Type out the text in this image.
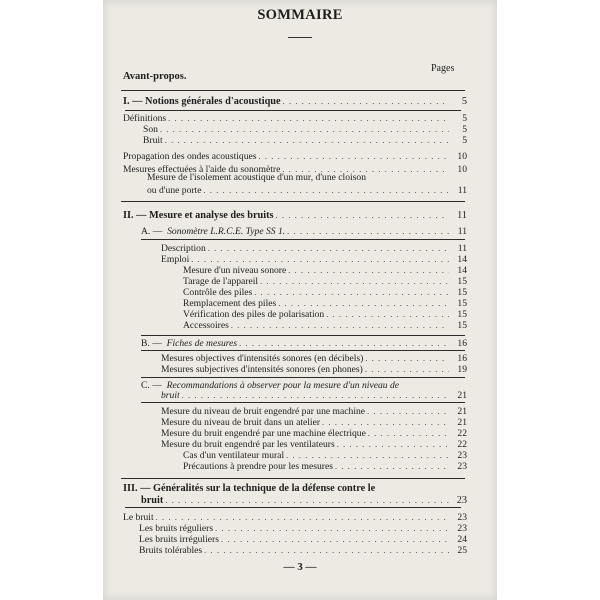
SOMMAIRE
Pages
Avant-propos.
I. — Notions générales d'acoustique . . .	5
Définitions . . .	5
Son . . .	5
Bruit . . .	5
Propagation des ondes acoustiques . . .	10
Mesures effectuées à l'aide du sonomètre . . .	10
Mesure de l'isolement acoustique d'un mur, d'une cloison
ou d'une porte . . .	11
II. — Mesure et analyse des bruits . . .	11
A. — Sonomètre L.R.C.E. Type SS 1. . . .	11
Description . . .	11
Emploi . . .	14
Mesure d'un niveau sonore . . .	14
Tarage de l'appareil . . .	15
Contrôle des piles . . .	15
Remplacement des piles . . .	15
Vérification des piles de polarisation . . .	15
Accessoires . . .	15
B. — Fiches de mesures . . .	16
Mesures objectives d'intensités sonores (en décibels) . . .	16
Mesures subjectives d'intensités sonores (en phones) . . .	19
C. — Recommandations à observer pour la mesure d'un niveau de
bruit . . .	21
Mesure du niveau de bruit engendré par une machine . . .	21
Mesure du niveau de bruit dans un atelier . . .	21
Mesure du bruit engendré par une machine électrique . . .	22
Mesure du bruit engendré par les ventilateurs . . .	22
Cas d'un ventilateur mural . . .	23
Précautions à prendre pour les mesures . . .	23
III. — Généralités sur la technique de la défense contre le
bruit . . .	23
Le bruit . . .	23
Les bruits réguliers . . .	23
Les bruits irréguliers . . .	24
Bruits tolérables . . .	25
— 3 —
